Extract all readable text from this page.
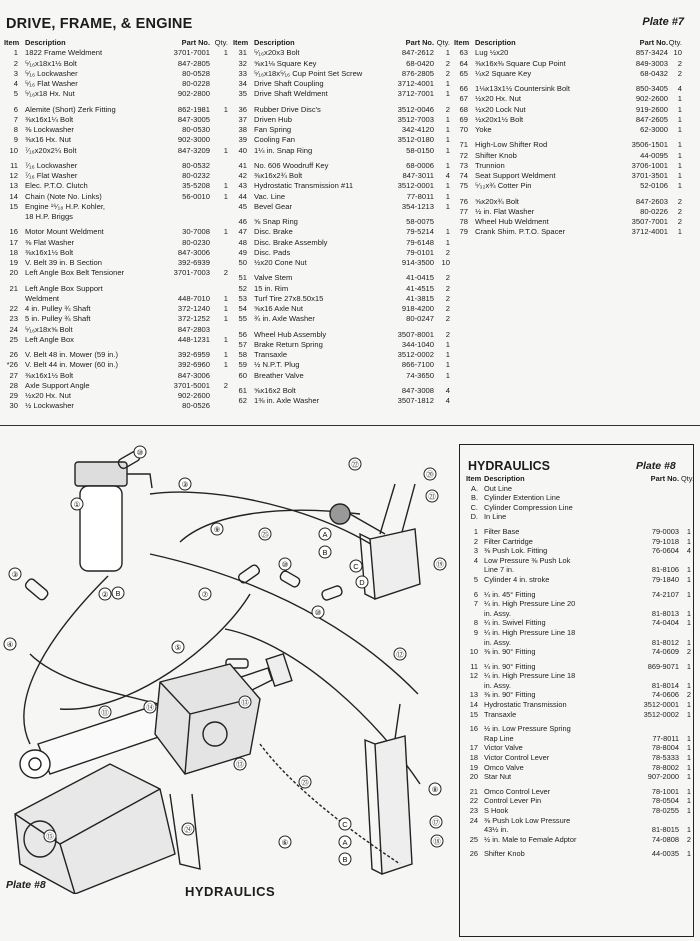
DRIVE, FRAME, & ENGINE	Plate #7
Item Description	Part No. Qty.
1 1822 Frame Weldment	3701-7001	1
2 ⁵⁄₁₆x18x1½ Bolt	847-2805
3 ⁵⁄₁₆ Lockwasher	80-0528
4 ⁵⁄₁₆ Flat Washer	80-0228
5 ⁵⁄₁₆x18 Hx. Nut	902-2800
6 Alemite (Short) Zerk Fitting	862-1981	1
7 ⅜x16x1¼ Bolt	847-3005
8 ⅜ Lockwasher	80-0530
9 ⅜x16 Hx. Nut	902-3000
10 ⁷⁄₁₆x20x2¼ Bolt	847-3209	1
11 ⁷⁄₁₆ Lockwasher	80-0532
12 ⁷⁄₁₆ Flat Washer	80-0232
13 Elec. P.T.O. Clutch	35-5208	1
14 Chain (Note No. Links)	56-0010	1
15 Engine ¹⁶⁄₁₈ H.P. Kohler,
18 H.P. Briggs
16 Motor Mount Weldment	30-7008	1
17 ⅜ Flat Washer	80-0230
18 ⅜x16x1½ Bolt	847-3006
19 V. Belt 39 in. B Section	392-6939
20 Left Angle Box Belt Tensioner	3701-7003	2
21 Left Angle Box Support
Weldment	448-7010	1
22 4 in. Pulley ¾ Shaft	372-1240	1
23 5 in. Pulley ¾ Shaft	372-1252	1
24 ⁵⁄₁₆x18x⅝ Bolt	847-2803
25 Left Angle Box	448-1231	1
26 V. Belt 48 in. Mower (59 in.)	392-6959	1
*26 V. Belt 44 in. Mower (60 in.)	392-6960	1
27 ⅜x16x1½ Bolt	847-3006
28 Axle Support Angle	3701-5001	2
29 ½x20 Hx. Nut	902-2600
30 ½ Lockwasher	80-0526
Item Description	Part No. Qty.
31 ⁵⁄₁₆x20x3 Bolt	847-2612	1
32 ⅝x1⅛ Square Key	68-0420	2
33 ⁵⁄₁₆x18x⁵⁄₁₆ Cup Point Set Screw	876-2805	2
34 Drive Shaft Coupling	3712-4001	1
35 Drive Shaft Weldment	3712-7001	1
36 Rubber Drive Disc's	3512-0046	2
37 Driven Hub	3512-7003	1
38 Fan Spring	342-4120	1
39 Cooling Fan	3512-0180	1
40 1¼ in. Snap Ring	58-0150	1
41 No. 606 Woodruff Key	68-0006	1
42 ⅜x16x2¾ Bolt	847-3011	4
43 Hydrostatic Transmission #11	3512-0001	1
44 Vac. Line	77-8011	1
45 Bevel Gear	354-1213	1
46 ⅝ Snap Ring	58-0075
47 Disc. Brake	79-5214	1
48 Disc. Brake Assembly	79-6148	1
49 Disc. Pads	79-0101	2
50 ½x20 Cone Nut	914-3500 10
51 Valve Stem	41-0415	2
52 15 in. Rim	41-4515	2
53 Turf Tire 27x8.50x15	41-3815	2
54 ⅝x16 Axle Nut	918-4200	2
55 ¾ in. Axle Washer	80-0247	2
56 Wheel Hub Assembly	3507-8001	2
57 Brake Return Spring	344-1040	1
58 Transaxle	3512-0002	1
59 ½ N.P.T. Plug	866-7100	1
60 Breather Valve	74-3650	1
61 ⅝x16x2 Bolt	847-3008	4
62 1⅜ in. Axle Washer	3507-1812	4
Item Description	Part No. Qty.
63 Lug ½x20	857-3424 10
64 ⅜x16x⅜ Square Cup Point	849-3003	2
65 ¼x2 Square Key	68-0432	2
66 1⅛x13x1½ Countersink Bolt	850-3405	4
67 ½x20 Hx. Nut	902-2600	1
68 ½x20 Lock Nut	919-2600	1
69 ½x20x1½ Bolt	847-2605	1
70 Yoke	62-3000	1
71 High-Low Shifter Rod	3506-1501	1
72 Shifter Knob	44-0095	1
73 Trunnion	3706-1001	1
74 Seat Support Weldment	3701-3501	1
75 ⁵⁄₃₂x¾ Cotter Pin	52-0106	1
76 ⅝x20x¾ Bolt	847-2603	2
77 ½ in. Flat Washer	80-0226	2
78 Wheel Hub Weldment	3507-7001	2
79 Crank Shim. P.T.O. Spacer	3712-4001	1
⑩
①
③
⑨
③
② B	⑦
④	⑤
⑩
㉕	A
B
C
D
㉒
⑳
㉑
⑲
⑫
⑬
⑭
⑬
㉓
⑧
⑰
⑱
C
A
B
⑮
㉔
⑥
⑪
⑩
Plate #8	HYDRAULICS
HYDRAULICS	Plate #8
Item Description	Part No. Qty.
A. Out Line
B. Cylinder Extention Line
C. Cylinder Compression Line
D. In Line
1 Filter Base	79-0003	1
2 Filter Cartridge	79-1018	1
3 ⅜ Push Lok. Fitting	76-0604	4
4 Low Pressure ⅜ Push Lok
Line 7 in.	81-8106	1
5 Cylinder 4 in. stroke	79-1840	1
6 ¼ in. 45° Fitting	74-2107	1
7 ¼ in. High Pressure Line 20
in. Assy.	81-8013	1
8 ¼ in. Swivel Fitting	74-0404	1
9 ¼ in. High Pressure Line 18
in. Assy.	81-8012	1
10 ⅜ in. 90° Fitting	74-0609	2
11 ¼ in. 90° Fitting	869-9071	1
12 ¼ in. High Pressure Line 18
in. Assy.	81-8014	1
13 ⅜ in. 90° Fitting	74-0606	2
14 Hydrostatic Transmission	3512-0001	1
15 Transaxle	3512-0002	1
16 ½ in. Low Pressure Spring
Rap Line	77-8011	1
17 Victor Valve	78-8004	1
18 Victor Control Lever	78-5333	1
19 Omco Valve	78-8002	1
20 Star Nut	907-2000	1
21 Omco Control Lever	78-1001	1
22 Control Lever Pin	78-0504	1
23 S Hook	78-0255	1
24 ⅜ Push Lok Low Pressure
43½ in.	81-8015	1
25 ½ in. Male to Female Adptor	74-0808	2
26 Shifter Knob	44-0035	1
